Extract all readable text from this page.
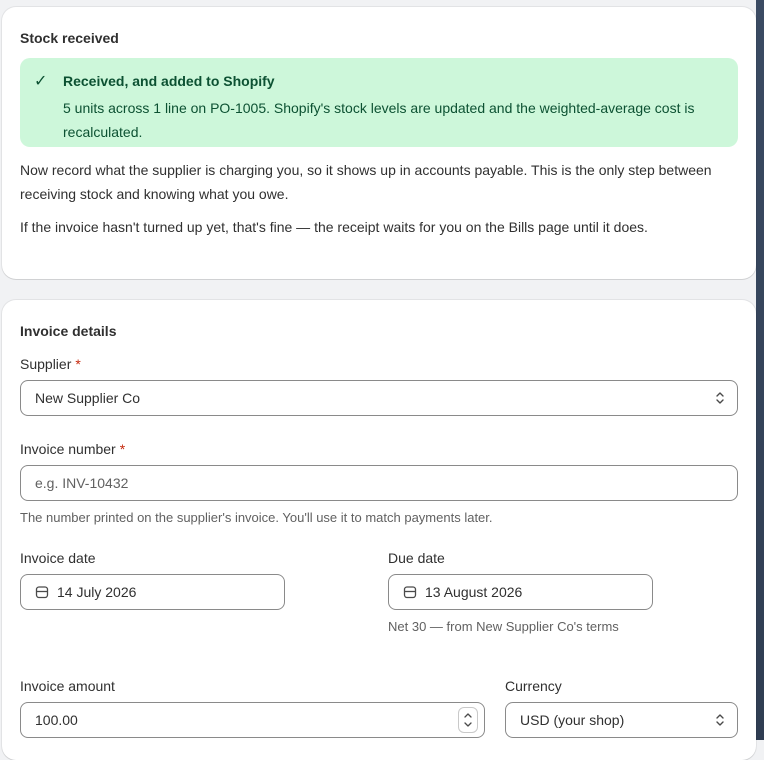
Stock received
✓ Received, and added to Shopify
5 units across 1 line on PO-1005. Shopify's stock levels are updated and the weighted-average cost is recalculated.
Now record what the supplier is charging you, so it shows up in accounts payable. This is the only step between receiving stock and knowing what you owe.
If the invoice hasn't turned up yet, that's fine — the receipt waits for you on the Bills page until it does.
Invoice details
Supplier *
New Supplier Co
Invoice number *
e.g. INV-10432
The number printed on the supplier's invoice. You'll use it to match payments later.
Invoice date
14 July 2026
Due date
13 August 2026
Net 30 — from New Supplier Co's terms
Invoice amount
100.00
Currency
USD (your shop)
